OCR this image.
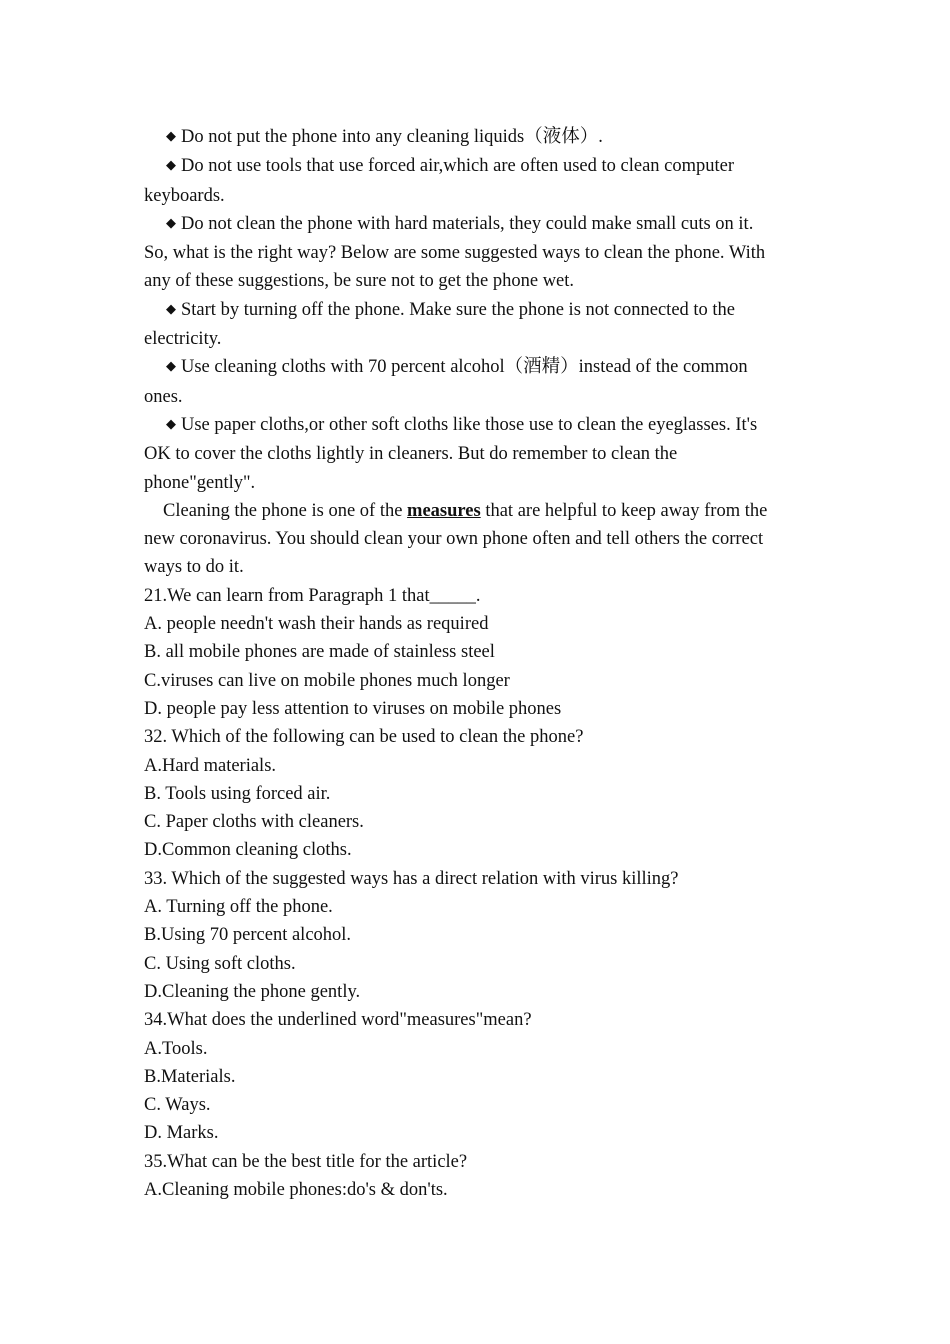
◆ Do not put the phone into any cleaning liquids（液体）.
◆ Do not use tools that use forced air,which are often used to clean computer
keyboards.
◆ Do not clean the phone with hard materials, they could make small cuts on it.
So, what is the right way? Below are some suggested ways to clean the phone. With
any of these suggestions, be sure not to get the phone wet.
◆ Start by turning off the phone. Make sure the phone is not connected to the
electricity.
◆ Use cleaning cloths with 70 percent alcohol（酒精）instead of the common
ones.
◆ Use paper cloths,or other soft cloths like those use to clean the eyeglasses. It's
OK to cover the cloths lightly in cleaners. But do remember to clean the
phone"gently".
Cleaning the phone is one of the measures that are helpful to keep away from the
new coronavirus. You should clean your own phone often and tell others the correct
ways to do it.
21.We can learn from Paragraph 1 that_____.
A. people needn't wash their hands as required
B. all mobile phones are made of stainless steel
C.viruses can live on mobile phones much longer
D. people pay less attention to viruses on mobile phones
32. Which of the following can be used to clean the phone?
A.Hard materials.
B. Tools using forced air.
C. Paper cloths with cleaners.
D.Common cleaning cloths.
33. Which of the suggested ways has a direct relation with virus killing?
A. Turning off the phone.
B.Using 70 percent alcohol.
C. Using soft cloths.
D.Cleaning the phone gently.
34.What does the underlined word"measures"mean?
A.Tools.
B.Materials.
C. Ways.
D. Marks.
35.What can be the best title for the article?
A.Cleaning mobile phones:do's & don'ts.
